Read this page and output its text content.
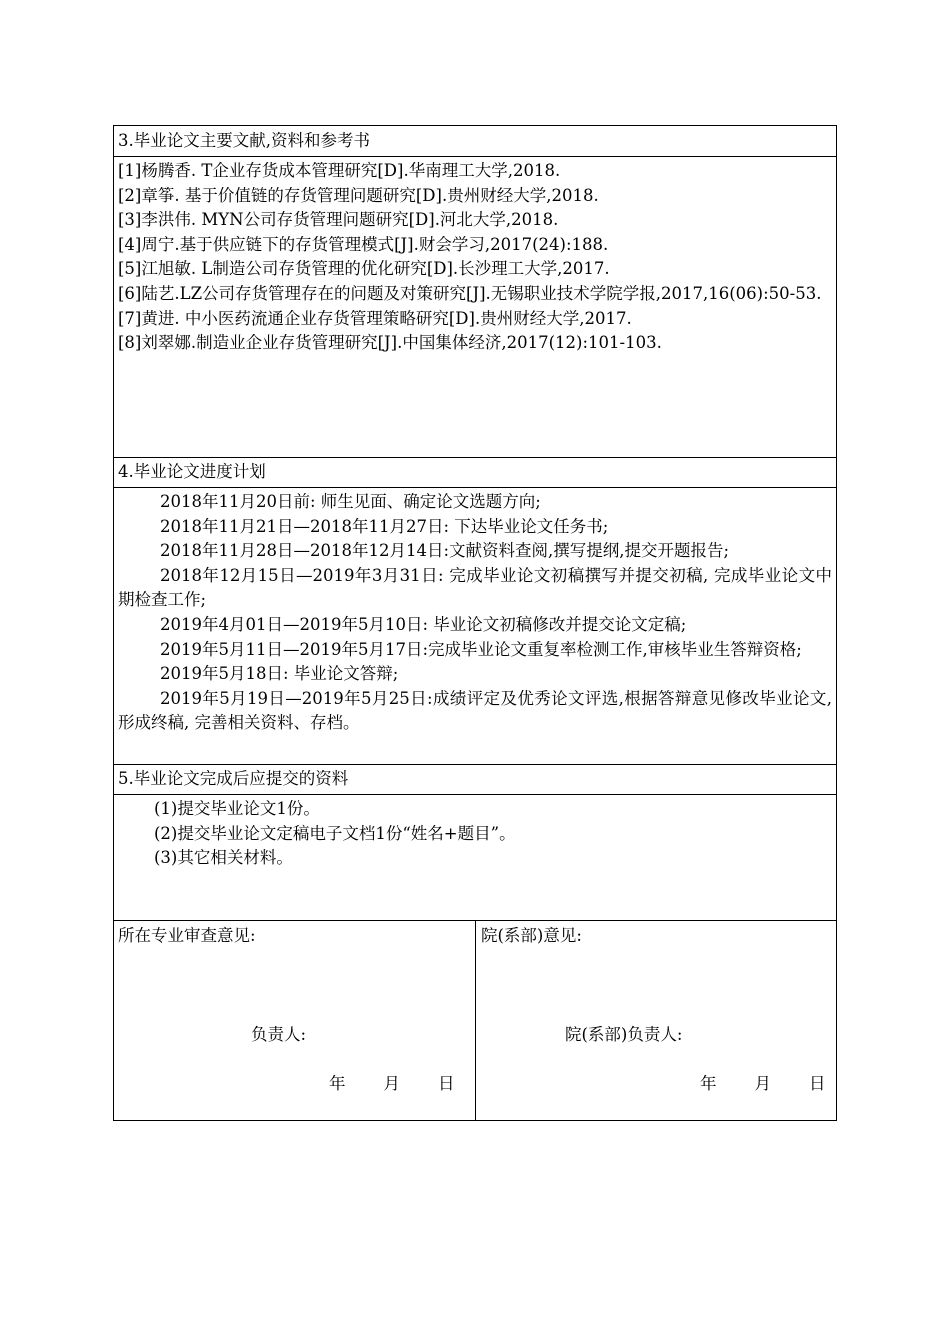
3.毕业论文主要文献,资料和参考书
[1]杨腾香. T企业存货成本管理研究[D].华南理工大学,2018.
[2]章筝. 基于价值链的存货管理问题研究[D].贵州财经大学,2018.
[3]李洪伟. MYN公司存货管理问题研究[D].河北大学,2018.
[4]周宁.基于供应链下的存货管理模式[J].财会学习,2017(24):188.
[5]江旭敏. L制造公司存货管理的优化研究[D].长沙理工大学,2017.
[6]陆艺.LZ公司存货管理存在的问题及对策研究[J].无锡职业技术学院学报,2017,16(06):50-53.
[7]黄进. 中小医药流通企业存货管理策略研究[D].贵州财经大学,2017.
[8]刘翠娜.制造业企业存货管理研究[J].中国集体经济,2017(12):101-103.
4.毕业论文进度计划
2018年11月20日前: 师生见面、确定论文选题方向;
2018年11月21日—2018年11月27日: 下达毕业论文任务书;
2018年11月28日—2018年12月14日:文献资料查阅,撰写提纲,提交开题报告;
2018年12月15日—2019年3月31日: 完成毕业论文初稿撰写并提交初稿, 完成毕业论文中期检查工作;
2019年4月01日—2019年5月10日: 毕业论文初稿修改并提交论文定稿;
2019年5月11日—2019年5月17日:完成毕业论文重复率检测工作,审核毕业生答辩资格;
2019年5月18日: 毕业论文答辩;
2019年5月19日—2019年5月25日:成绩评定及优秀论文评选,根据答辩意见修改毕业论文, 形成终稿, 完善相关资料、存档。
5.毕业论文完成后应提交的资料
(1)提交毕业论文1份。
(2)提交毕业论文定稿电子文档1份“姓名+题目”。
(3)其它相关材料。
所在专业审查意见:
负责人:
年 月 日
院(系部)意见:
院(系部)负责人:
年 月 日
